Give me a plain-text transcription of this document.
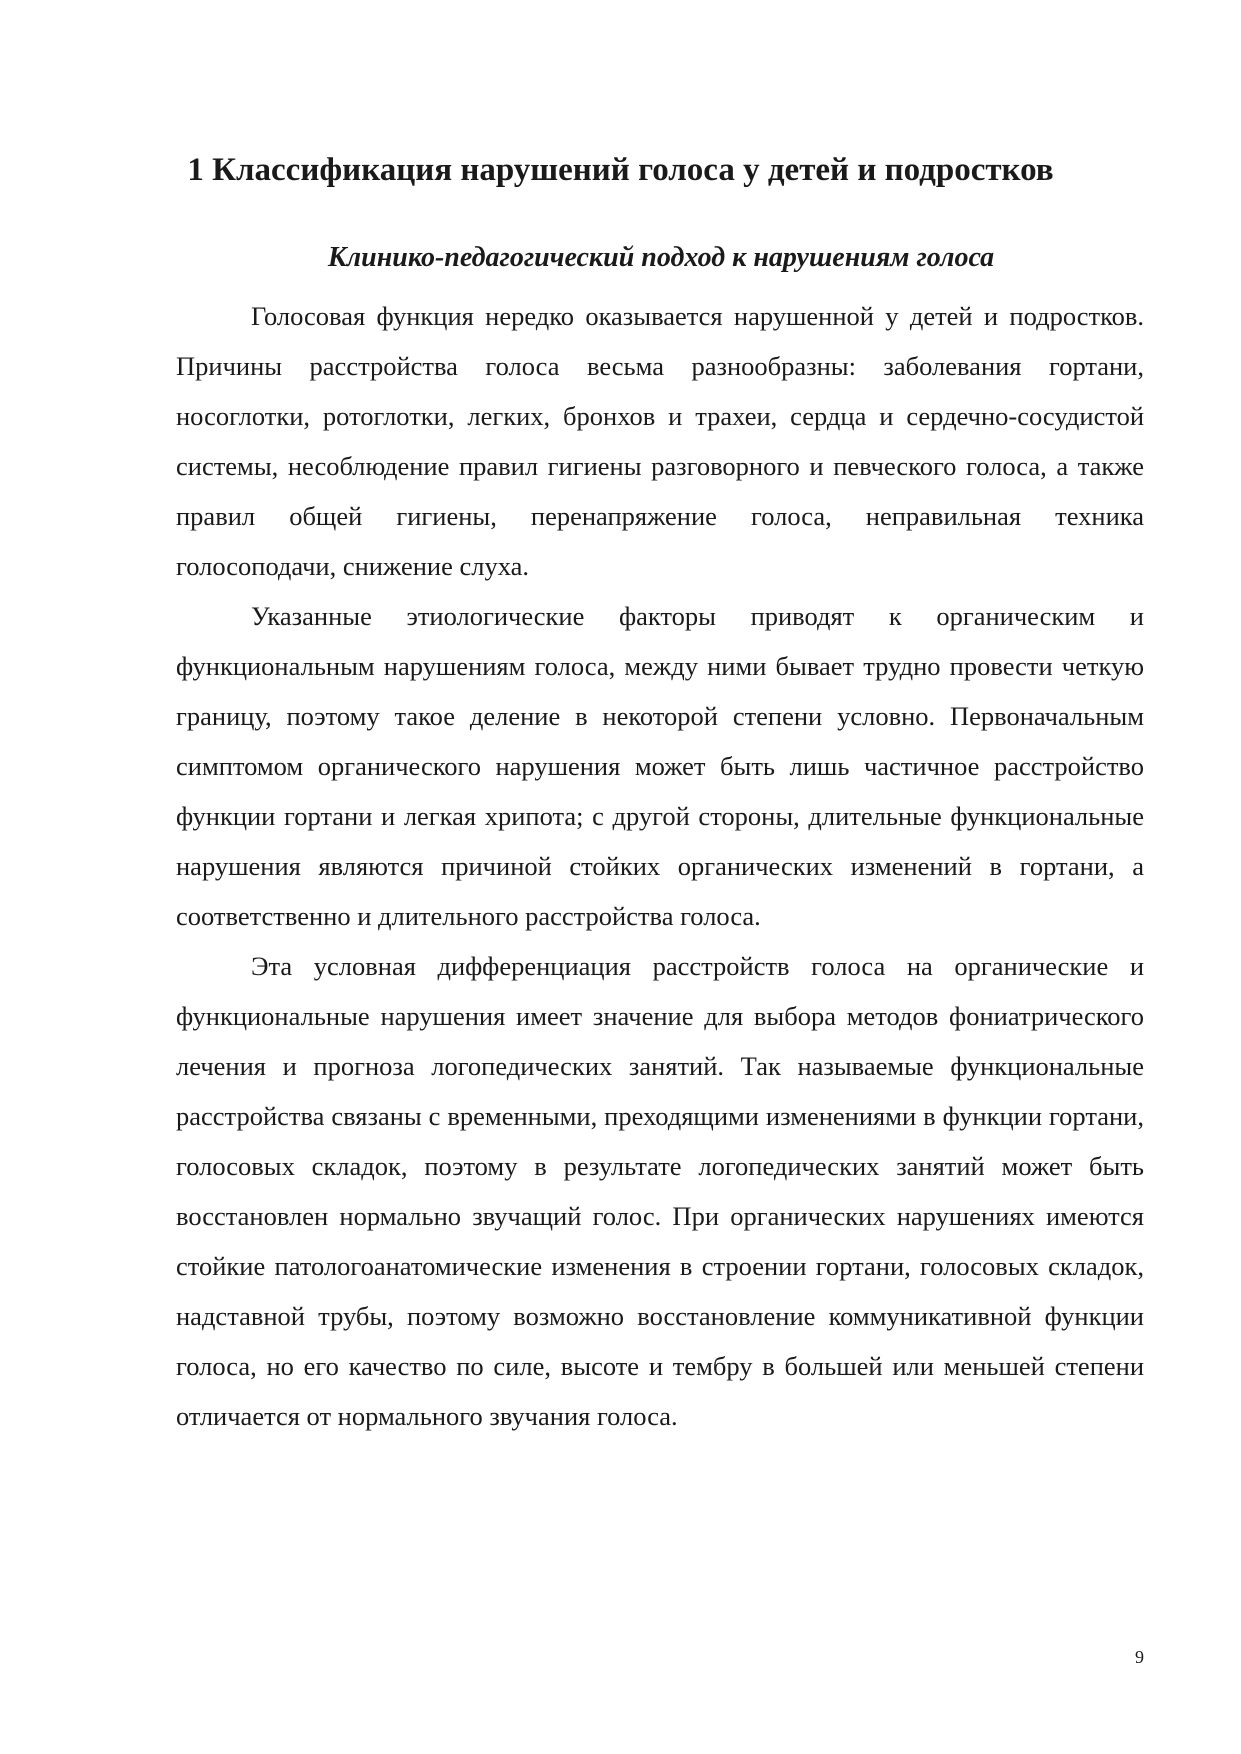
1 Классификация нарушений голоса у детей и подростков
Клинико-педагогический подход к нарушениям голоса

Голосовая функция нередко оказывается нарушенной у детей и подростков. Причины расстройства голоса весьма разнообразны: заболевания гортани, носоглотки, ротоглотки, легких, бронхов и трахеи, сердца и сердечно-сосудистой системы, несоблюдение правил гигиены разговорного и певческого голоса, а также правил общей гигиены, перенапряжение голоса, неправильная техника голосоподачи, снижение слуха.

Указанные этиологические факторы приводят к органическим и функциональным нарушениям голоса, между ними бывает трудно провести четкую границу, поэтому такое деление в некоторой степени условно. Первоначальным симптомом органического нарушения может быть лишь частичное расстройство функции гортани и легкая хрипота; с другой стороны, длительные функциональные нарушения являются причиной стойких органических изменений в гортани, а соответственно и длительного расстройства голоса.

Эта условная дифференциация расстройств голоса на органические и функциональные нарушения имеет значение для выбора методов фониатрического лечения и прогноза логопедических занятий. Так называемые функциональные расстройства связаны с временными, преходящими изменениями в функции гортани, голосовых складок, поэтому в результате логопедических занятий может быть восстановлен нормально звучащий голос. При органических нарушениях имеются стойкие патологоанатомические изменения в строении гортани, голосовых складок, надставной трубы, поэтому возможно восстановление коммуникативной функции голоса, но его качество по силе, высоте и тембру в большей или меньшей степени отличается от нормального звучания голоса.

9
